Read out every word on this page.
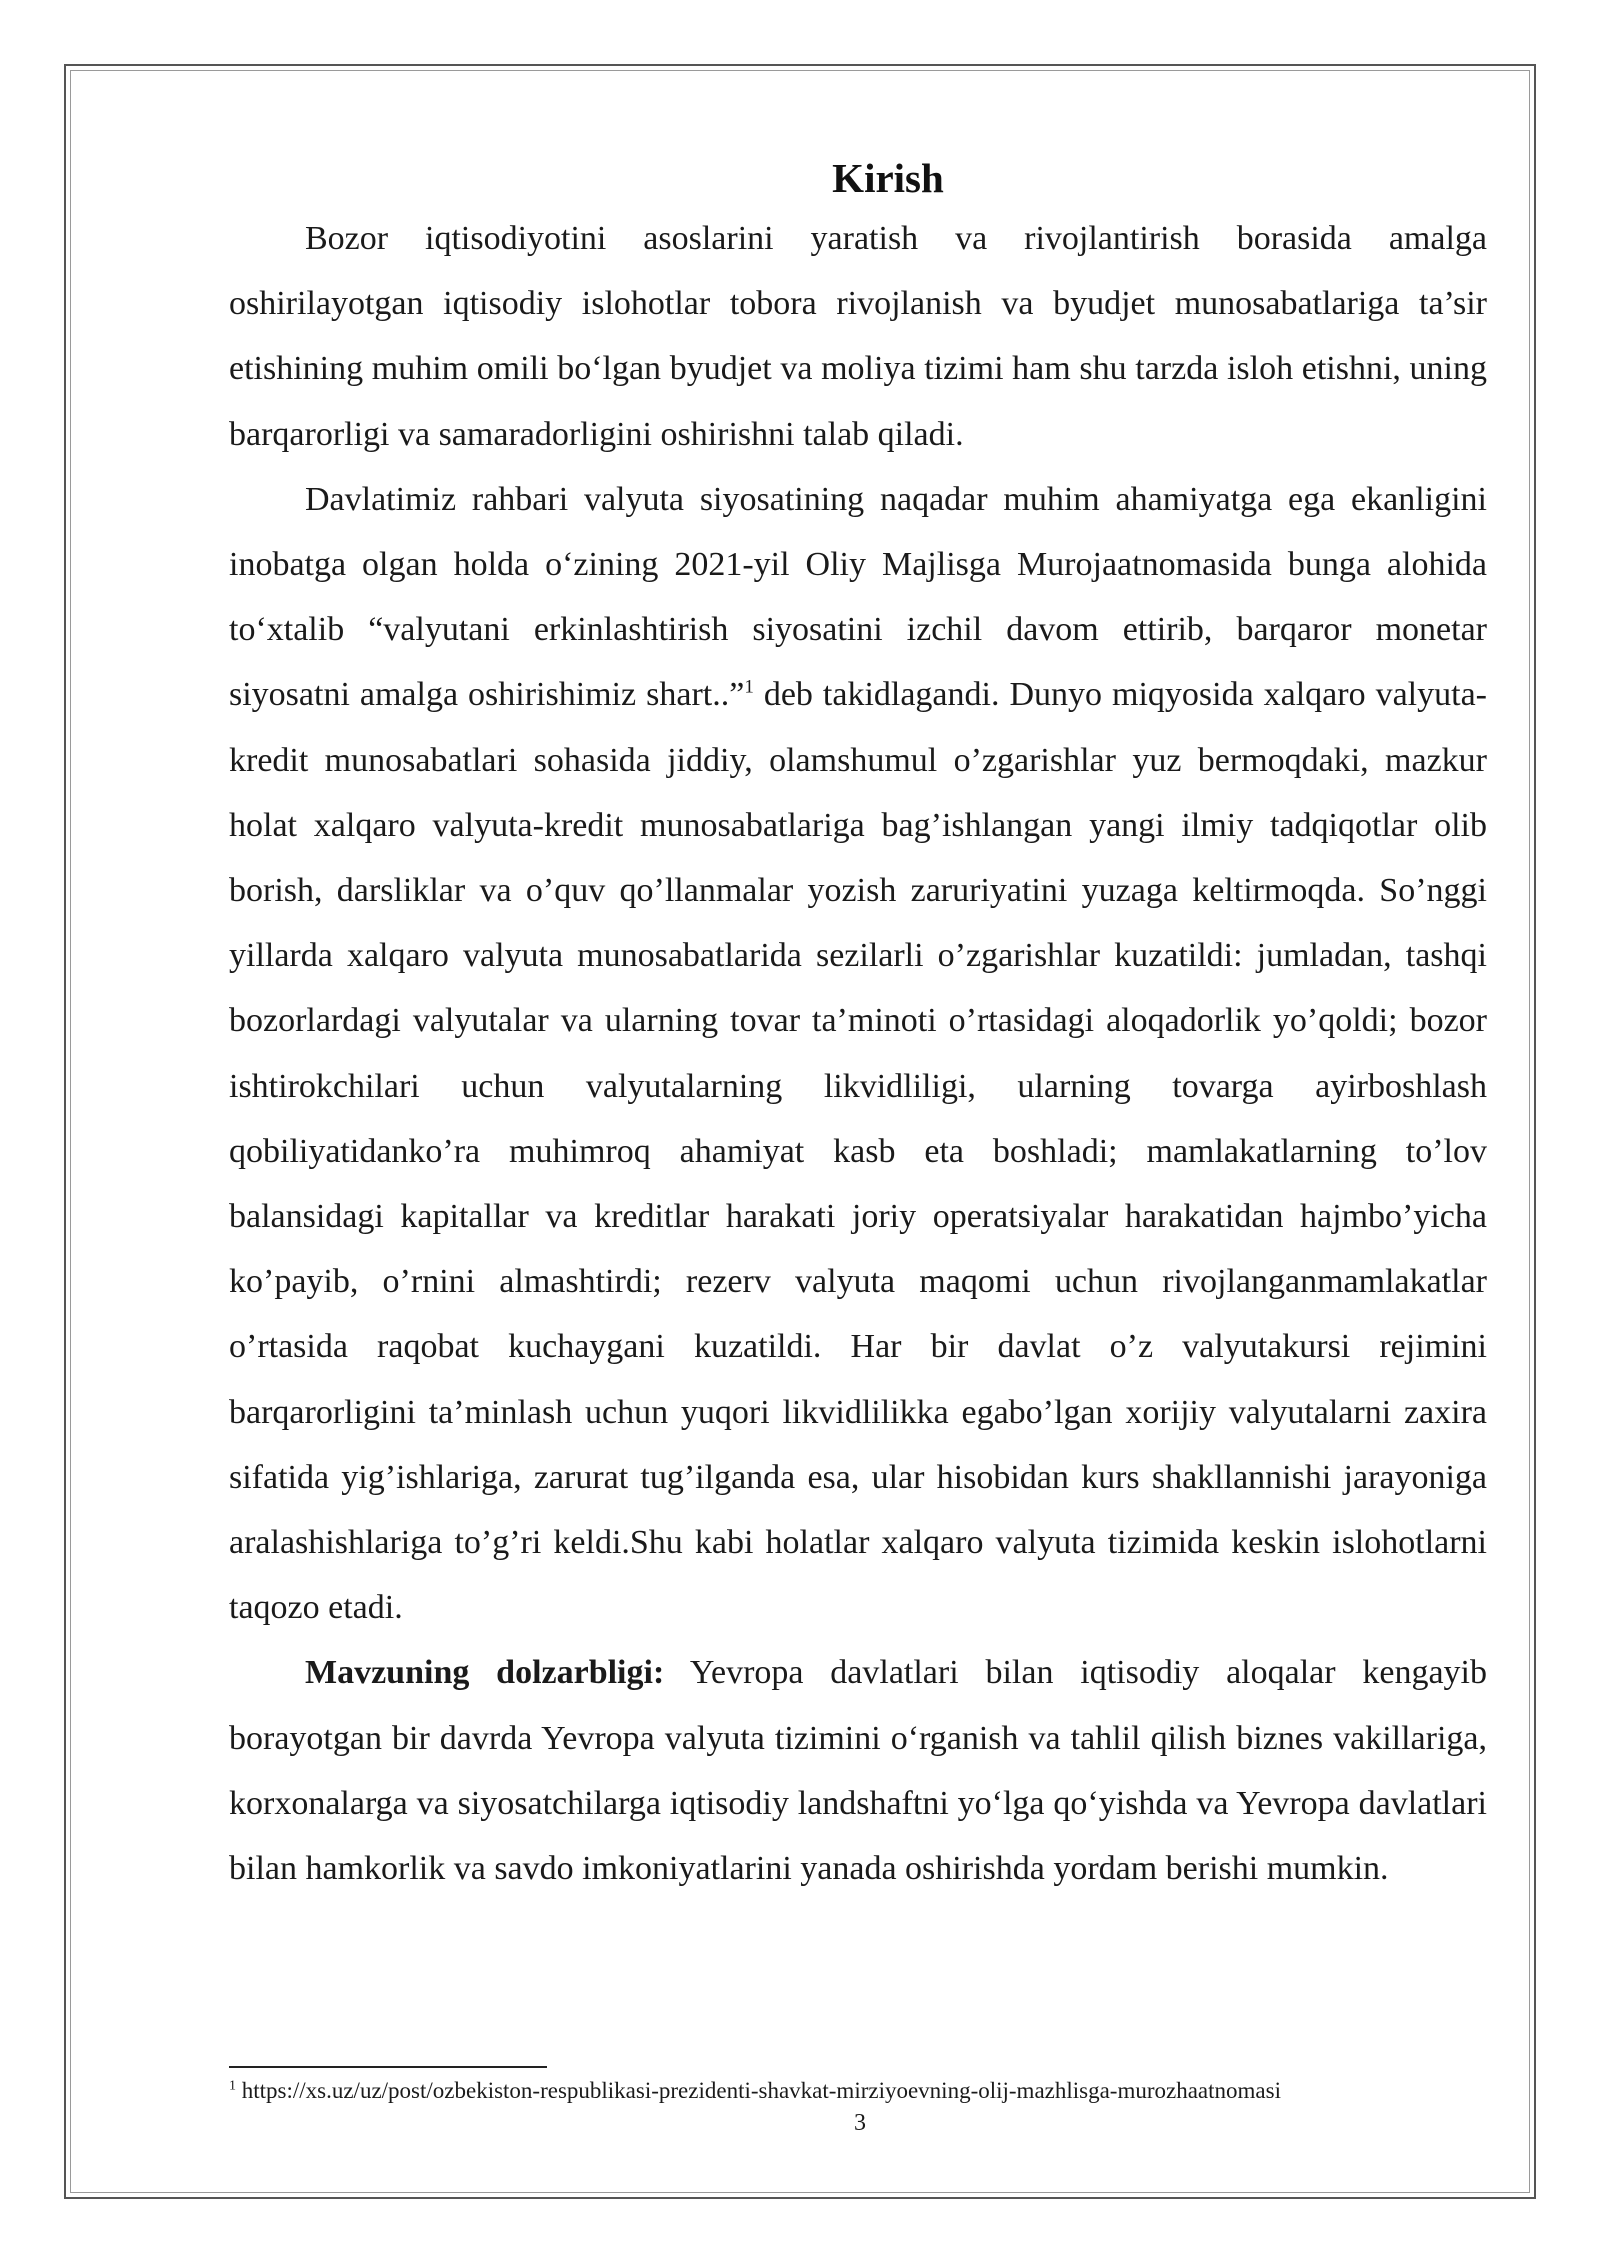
Kirish

Bozor iqtisodiyotini asoslarini yaratish va rivojlantirish borasida amalga oshirilayotgan iqtisodiy islohotlar tobora rivojlanish va byudjet munosabatlariga ta’sir etishining muhim omili boʻlgan byudjet va moliya tizimi ham shu tarzda isloh etishni, uning barqarorligi va samaradorligini oshirishni talab qiladi.

Davlatimiz rahbari valyuta siyosatining naqadar muhim ahamiyatga ega ekanligini inobatga olgan holda oʻzining 2021-yil Oliy Majlisga Murojaatnomasida bunga alohida toʻxtalib “valyutani erkinlashtirish siyosatini izchil davom ettirib, barqaror monetar siyosatni amalga oshirishimiz shart..”$^1$ deb takidlagandi. Dunyo miqyosida xalqaro valyuta-kredit munosabatlari sohasida jiddiy, olamshumul o’zgarishlar yuz bermoqdaki, mazkur holat xalqaro valyuta-kredit munosabatlariga bag’ishlangan yangi ilmiy tadqiqotlar olib borish, darsliklar va o’quv qo’llanmalar yozish zaruriyatini yuzaga keltirmoqda. So’nggi yillarda xalqaro valyuta munosabatlarida sezilarli o’zgarishlar kuzatildi: jumladan, tashqi bozorlardagi valyutalar va ularning tovar ta’minoti o’rtasidagi aloqadorlik yo’qoldi; bozor ishtirokchilari uchun valyutalarning likvidliligi, ularning tovarga ayirboshlash qobiliyatidanko’ra muhimroq ahamiyat kasb eta boshladi; mamlakatlarning to’lov balansidagi kapitallar va kreditlar harakati joriy operatsiyalar harakatidan hajmbo’yicha ko’payib, o’rnini almashtirdi; rezerv valyuta maqomi uchun rivojlanganmamlakatlar o’rtasida raqobat kuchaygani kuzatildi. Har bir davlat o’z valyutakursi rejimini barqarorligini ta’minlash uchun yuqori likvidlilikka egabo’lgan xorijiy valyutalarni zaxira sifatida yig’ishlariga, zarurat tug’ilganda esa, ular hisobidan kurs shakllannishi jarayoniga aralashishlariga to’g’ri keldi.Shu kabi holatlar xalqaro valyuta tizimida keskin islohotlarni taqozo etadi.

Mavzuning dolzarbligi: Yevropa davlatlari bilan iqtisodiy aloqalar kengayib borayotgan bir davrda Yevropa valyuta tizimini oʻrganish va tahlil qilish biznes vakillariga, korxonalarga va siyosatchilarga iqtisodiy landshaftni yoʻlga qoʻyishda va Yevropa davlatlari bilan hamkorlik va savdo imkoniyatlarini yanada oshirishda yordam berishi mumkin.

$^1$ https://xs.uz/uz/post/ozbekiston-respublikasi-prezidenti-shavkat-mirziyoevning-olij-mazhlisga-murozhaatnomasi
3
